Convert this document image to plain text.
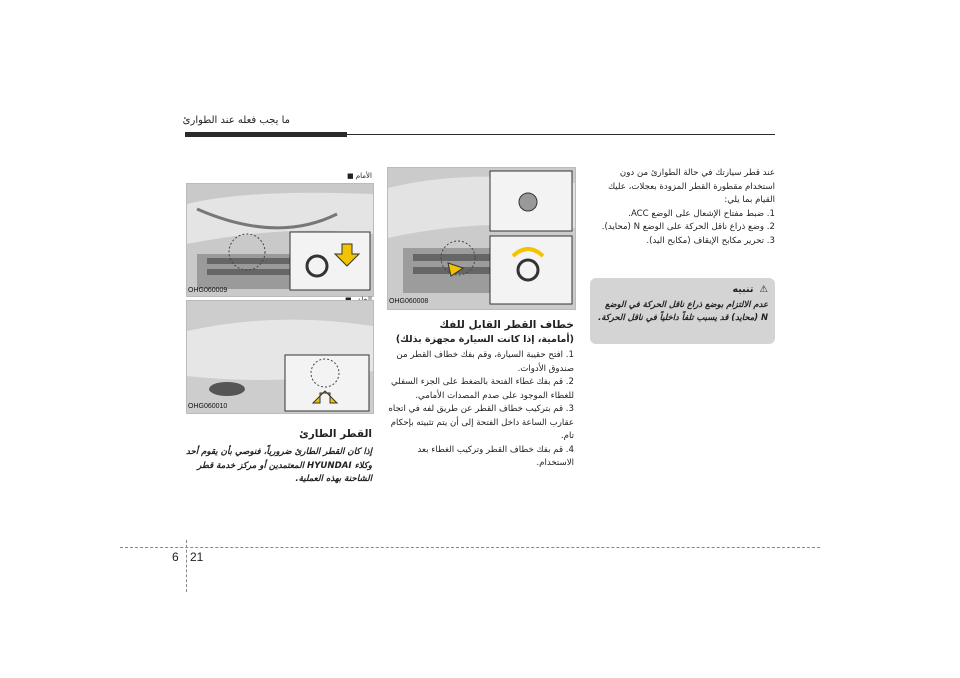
ما يجب فعله عند الطوارئ
الأمام ■
OHG060009
OHG060010
القطر الطارئ
إذا كان القطر الطارئ ضرورياً، فنوصي بأن يقوم أحد وكلاء HYUNDAI المعتمدين أو مركز خدمة قطر الشاحنة بهذه العملية.
OHG060008
خطاف القطر القابل للفك
(أمامية، إذا كانت السيارة مجهزة بذلك)
1. افتح حقيبة السيارة، وقم بفك خطاف القطر من صندوق الأدوات.
2. قم بفك غطاء الفتحة بالضغط على الجزء السفلي للغطاء الموجود على صدم المصدات الأمامي.
3. قم بتركيب خطاف القطر عن طريق لفه في اتجاه عقارب الساعة داخل الفتحة إلى أن يتم تثبيته بإحكام تام.
4. قم بفك خطاف القطر وتركيب الغطاء بعد الاستخدام.
عند قطر سيارتك في حالة الطوارئ من دون استخدام مقطورة القطر المزودة بعجلات، عليك القيام بما يلي:
1. ضبط مفتاح الإشعال على الوضع ACC.
2. وضع ذراع ناقل الحركة على الوضع N (محايد).
3. تحرير مكابح الإيقاف (مكابح اليد).
⚠تنبيه
عدم الالتزام بوضع ذراع ناقل الحركة في الوضع N (محايد) قد يسبب تلفاً داخلياً في ناقل الحركة.
6 21
